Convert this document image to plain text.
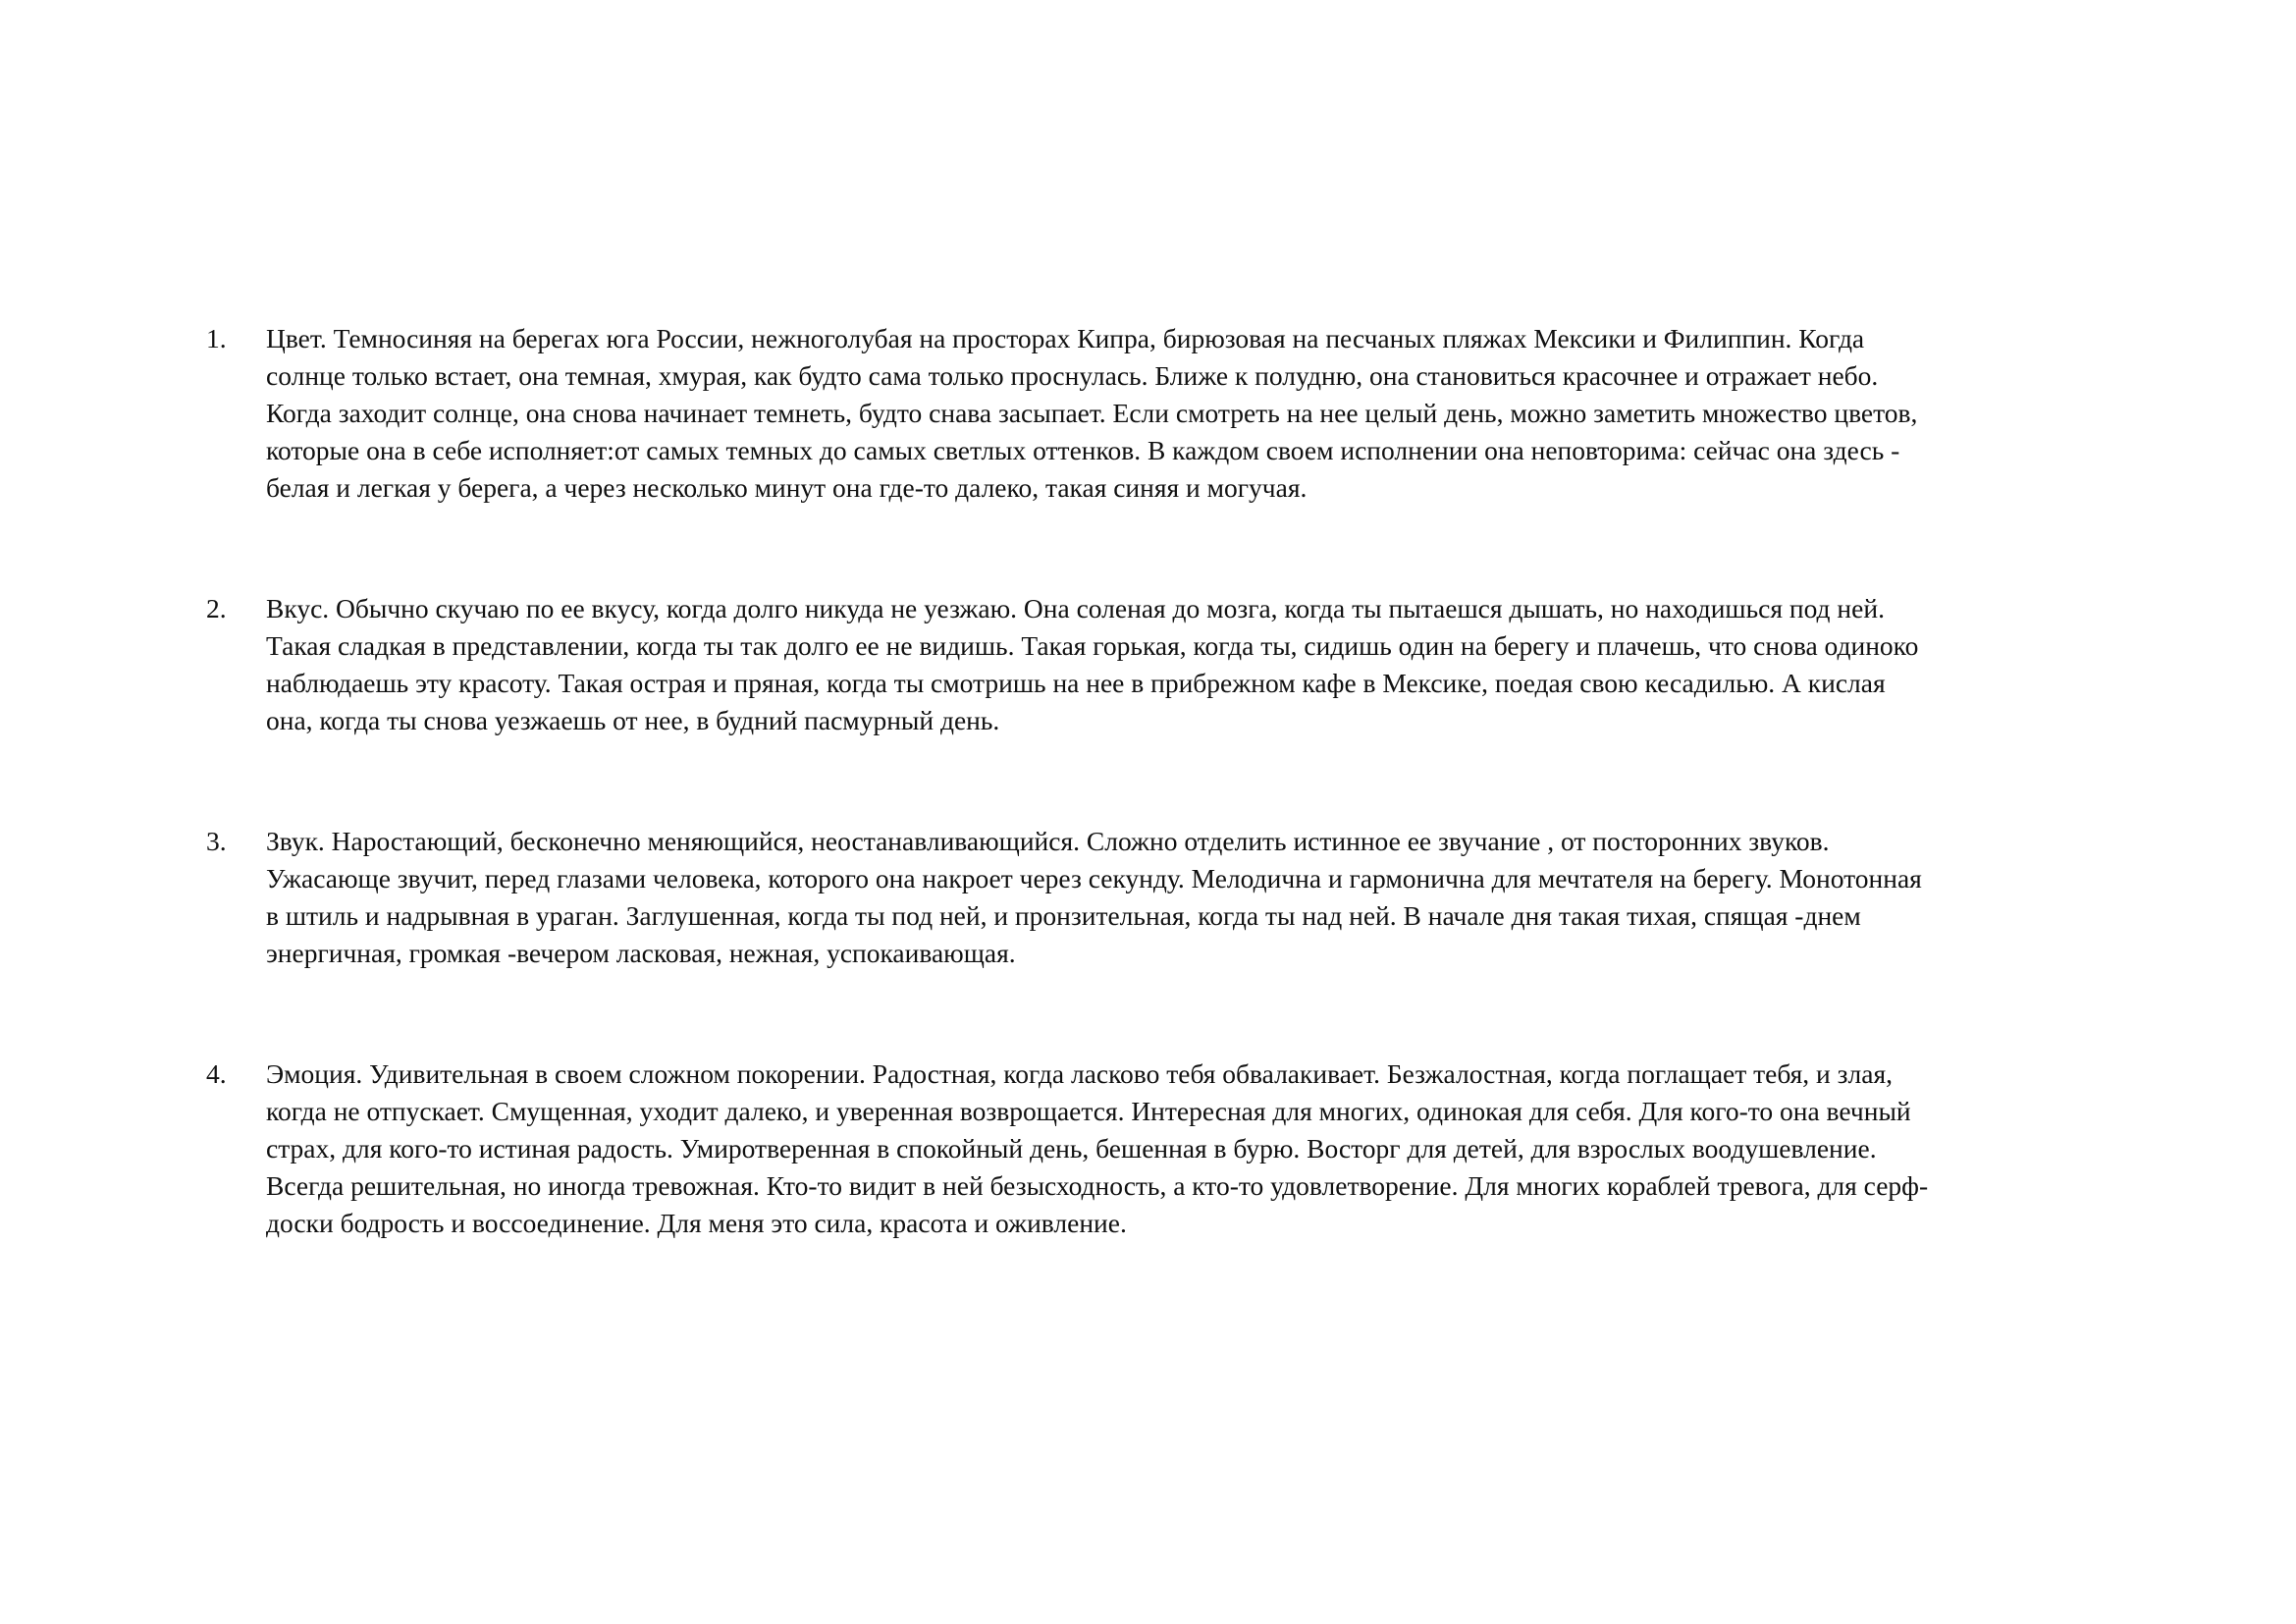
1.	Цвет. Темносиняя на берегах юга России, нежноголубая на просторах Кипра, бирюзовая на песчаных пляжах Мексики и Филиппин. Когда
солнце только встает, она темная, хмурая, как будто сама только проснулась. Ближе к полудню, она становиться красочнее и отражает небо.
Когда заходит солнце, она снова начинает темнеть, будто снава засыпает. Если смотреть на нее целый день, можно заметить множество цветов,
которые она в себе исполняет:от самых темных до самых светлых оттенков. В каждом своем исполнении она неповторима: сейчас она здесь -
белая и легкая у берега, а через несколько минут она где-то далеко, такая синяя и могучая.
2.	Вкус. Обычно скучаю по ее вкусу, когда долго никуда не уезжаю. Она соленая до мозга, когда ты пытаешся дышать, но находишься под ней.
Такая сладкая в представлении, когда ты так долго ее не видишь. Такая горькая, когда ты, сидишь один на берегу и плачешь, что снова одиноко
наблюдаешь эту красоту. Такая острая и пряная, когда ты смотришь на нее в прибрежном кафе в Мексике, поедая свою кесадилью. А кислая
она, когда ты снова уезжаешь от нее, в будний пасмурный день.
3.	Звук. Наростающий, бесконечно меняющийся, неостанавливающийся. Сложно отделить истинное ее звучание , от посторонних звуков.
Ужасающе звучит, перед глазами человека, которого она накроет через секунду. Мелодична и гармонична для мечтателя на берегу. Монотонная
в штиль и надрывная в ураган. Заглушенная, когда ты под ней, и пронзительная, когда ты над ней. В начале дня такая тихая, спящая -днем
энергичная, громкая -вечером ласковая, нежная, успокаивающая.
4.	Эмоция. Удивительная в своем сложном покорении. Радостная, когда ласково тебя обвалакивает. Безжалостная, когда поглащает тебя, и злая,
когда не отпускает. Смущенная, уходит далеко, и уверенная возврощается. Интересная для многих, одинокая для себя. Для кого-то она вечный
страх, для кого-то истиная радость. Умиротверенная в спокойный день, бешенная в бурю. Восторг для детей, для взрослых воодушевление.
Всегда решительная, но иногда тревожная. Кто-то видит в ней безысходность, а кто-то удовлетворение. Для многих кораблей тревога, для серф-
доски бодрость и воссоединение. Для меня это сила, красота и оживление.
